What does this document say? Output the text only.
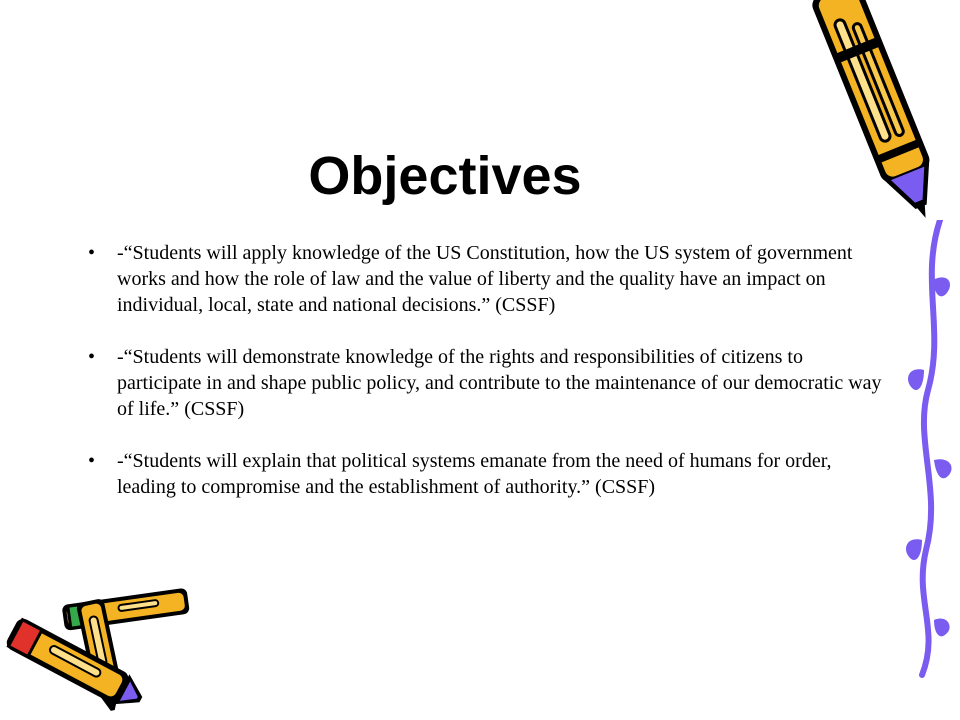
Objectives
• -“Students will apply knowledge of the US Constitution, how the US system of government works and how the role of law and the value of liberty and the quality have an impact on individual, local, state and national decisions.” (CSSF)
• -“Students will demonstrate knowledge of the rights and responsibilities of citizens to participate in and shape public policy, and contribute to the maintenance of our democratic way of life.” (CSSF)
• -“Students will explain that political systems emanate from the need of humans for order, leading to compromise and the establishment of authority.” (CSSF)
